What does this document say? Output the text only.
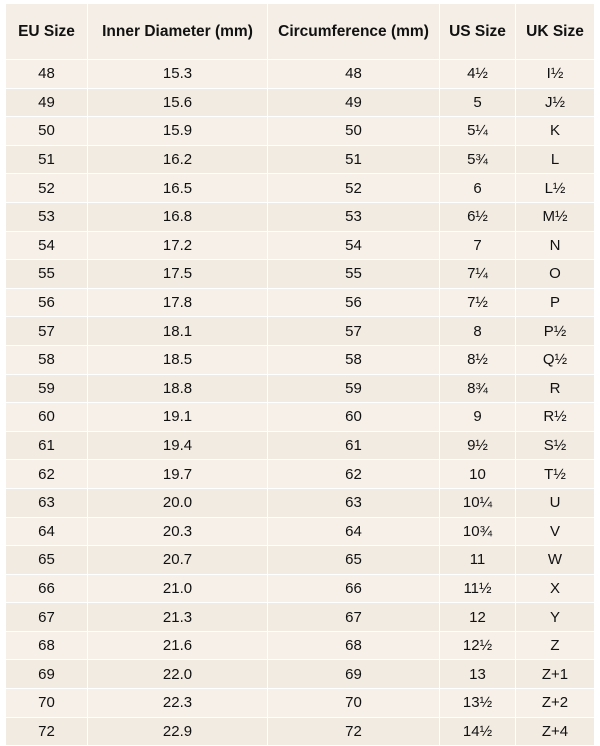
EU Size	Inner Diameter (mm)	Circumference (mm)	US Size	UK Size
48	15.3	48	4½	I½
49	15.6	49	5	J½
50	15.9	50	5¼	K
51	16.2	51	5¾	L
52	16.5	52	6	L½
53	16.8	53	6½	M½
54	17.2	54	7	N
55	17.5	55	7¼	O
56	17.8	56	7½	P
57	18.1	57	8	P½
58	18.5	58	8½	Q½
59	18.8	59	8¾	R
60	19.1	60	9	R½
61	19.4	61	9½	S½
62	19.7	62	10	T½
63	20.0	63	10¼	U
64	20.3	64	10¾	V
65	20.7	65	11	W
66	21.0	66	11½	X
67	21.3	67	12	Y
68	21.6	68	12½	Z
69	22.0	69	13	Z+1
70	22.3	70	13½	Z+2
72	22.9	72	14½	Z+4
